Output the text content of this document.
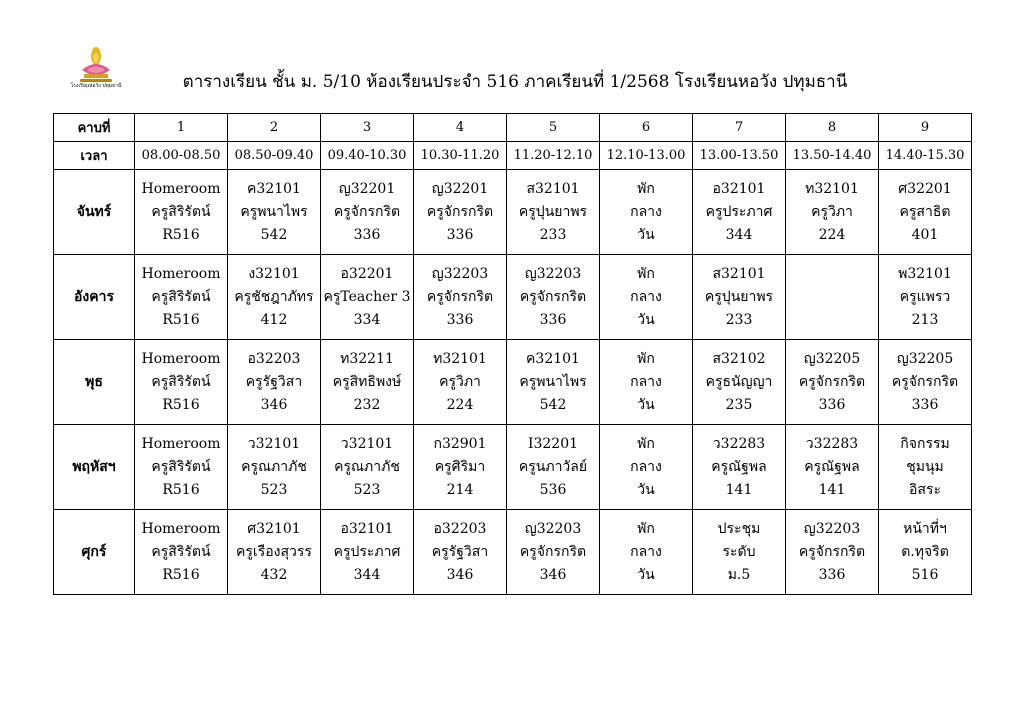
โรงเรียนหอวัง ปทุมธานี	ตารางเรียน ชั้น ม. 5/10 ห้องเรียนประจำ 516 ภาคเรียนที่ 1/2568 โรงเรียนหอวัง ปทุมธานี
คาบที่	1	2	3	4	5	6	7	8	9
เวลา	08.00-08.50	08.50-09.40	09.40-10.30	10.30-11.20	11.20-12.10	12.10-13.00	13.00-13.50	13.50-14.40	14.40-15.30
จันทร์	Homeroom
ครูสิริรัตน์
R516	ค32101
ครูพนาไพร
542	ญ32201
ครูจักรกริต
336	ญ32201
ครูจักรกริต
336	ส32101
ครูปุนยาพร
233	พัก
กลาง
วัน	อ32101
ครูประภาศ
344	ท32101
ครูวิภา
224	ศ32201
ครูสาธิต
401

อังคาร	Homeroom
ครูสิริรัตน์
R516	ง32101
ครูชัชฎาภัทร
412	อ32201
ครูTeacher 3
334	ญ32203
ครูจักรกริต
336	ญ32203
ครูจักรกริต
336	พัก
กลาง
วัน	ส32101
ครูปุนยาพร
233		พ32101
ครูแพรว
213

พุธ	Homeroom
ครูสิริรัตน์
R516	อ32203
ครูรัฐวิสา
346	ท32211
ครูสิทธิพงษ์
232	ท32101
ครูวิภา
224	ค32101
ครูพนาไพร
542	พัก
กลาง
วัน	ส32102
ครูธนัญญา
235	ญ32205
ครูจักรกริต
336	ญ32205
ครูจักรกริต
336

พฤหัสฯ	Homeroom
ครูสิริรัตน์
R516	ว32101
ครูณภาภัช
523	ว32101
ครูณภาภัช
523	ก32901
ครูศิริมา
214	I32201
ครูนภาวัลย์
536	พัก
กลาง
วัน	ว32283
ครูณัฐพล
141	ว32283
ครูณัฐพล
141	กิจกรรม
ชุมนุม
อิสระ

ศุกร์	Homeroom
ครูสิริรัตน์
R516	ศ32101
ครูเรืองสุวรร
432	อ32101
ครูประภาศ
344	อ32203
ครูรัฐวิสา
346	ญ32203
ครูจักรกริต
346	พัก
กลาง
วัน	ประชุม
ระดับ
ม.5	ญ32203
ครูจักรกริต
336	หน้าที่ฯ
ต.ทุจริต
516
